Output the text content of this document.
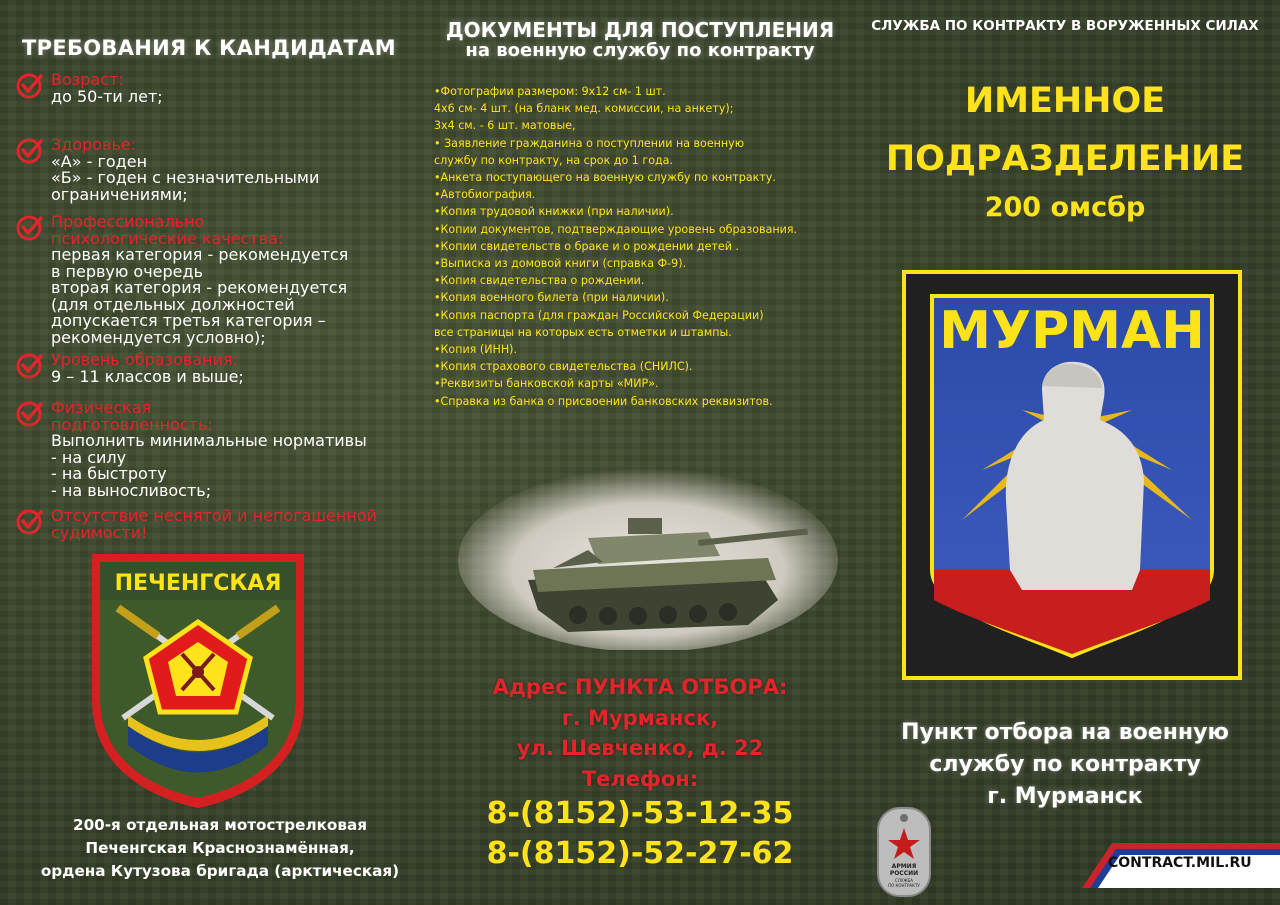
ТРЕБОВАНИЯ К КАНДИДАТАМ
Возраст:
до 50-ти лет;
Здоровье:
«А» - годен
«Б» - годен с незначительными
ограничениями;
Профессионально
психологические качества:
первая категория - рекомендуется
в первую очередь
вторая категория - рекомендуется
(для отдельных должностей
допускается третья категория –
рекомендуется условно);
Уровень образования:
9 – 11 классов и выше;
Физическая
подготовленность:
Выполнить минимальные нормативы
- на силу
- на быстроту
- на выносливость;
Отсутствие неснятой и непогашенной
судимости!
ПЕЧЕНГСКАЯ
200-я отдельная мотострелковая
Печенгская Краснознамённая,
ордена Кутузова бригада (арктическая)
ДОКУМЕНТЫ ДЛЯ ПОСТУПЛЕНИЯ
на военную службу по контракту
•Фотографии размером: 9х12 см- 1 шт.
4х6 см- 4 шт. (на бланк мед. комиссии, на анкету);
3х4 см. - 6 шт. матовые,
• Заявление гражданина о поступлении на военную
службу по контракту, на срок до 1 года.
•Анкета поступающего на военную службу по контракту.
•Автобиография.
•Копия трудовой книжки (при наличии).
•Копии документов, подтверждающие уровень образования.
•Копии свидетельств о браке и о рождении детей .
•Выписка из домовой книги (справка Ф-9).
•Копия свидетельства о рождении.
•Копия военного билета (при наличии).
•Копия паспорта (для граждан Российской Федерации)
все страницы на которых есть отметки и штампы.
•Копия (ИНН).
•Копия страхового свидетельства (СНИЛС).
•Реквизиты банковской карты «МИР».
•Справка из банка о присвоении банковских реквизитов.
Адрес ПУНКТА ОТБОРА:
г. Мурманск,
ул. Шевченко, д. 22
Телефон:
8-(8152)-53-12-35
8-(8152)-52-27-62
СЛУЖБА ПО КОНТРАКТУ В ВОРУЖЕННЫХ СИЛАХ
ИМЕННОЕ
ПОДРАЗДЕЛЕНИЕ
200 омсбр
МУРМАН
Пункт отбора на военную
службу по контракту
г. Мурманск
АРМИЯ
РОССИИ
СЛУЖБА
ПО КОНТРАКТУ
CONTRACT.MIL.RU
